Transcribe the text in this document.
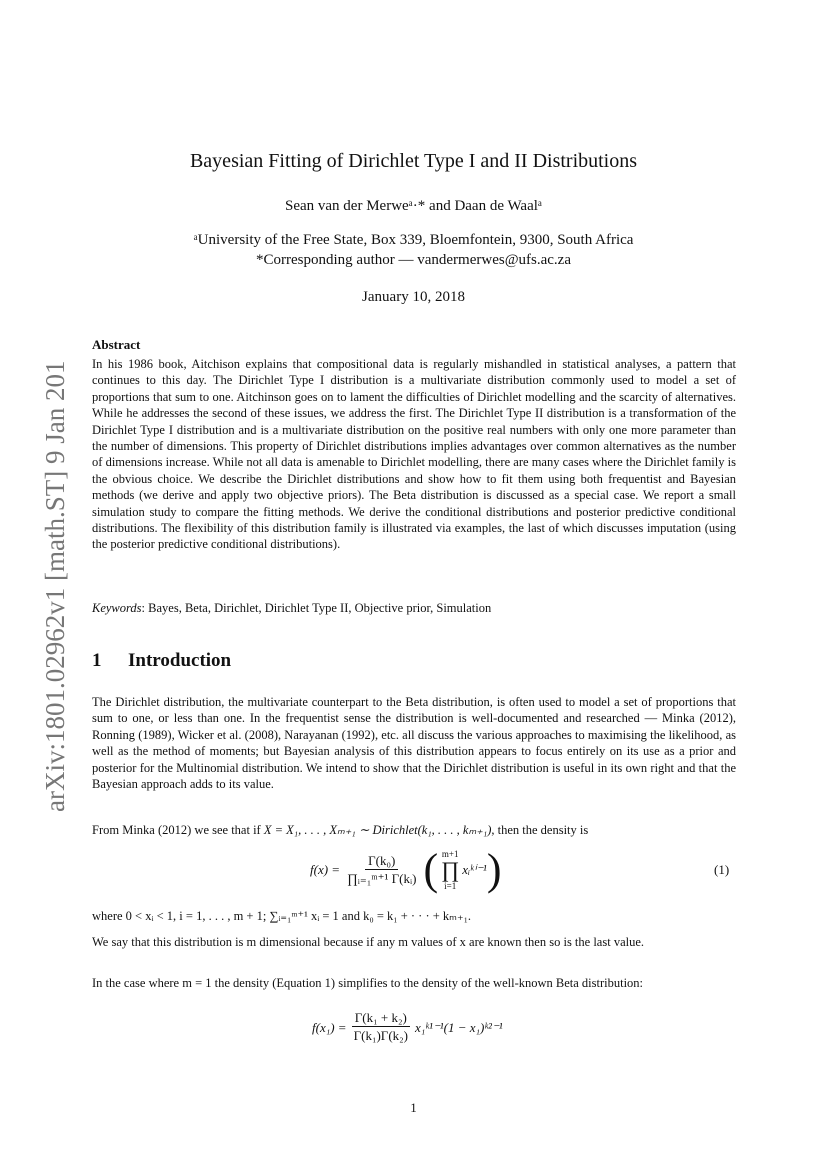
arXiv:1801.02962v1 [math.ST] 9 Jan 2018
Bayesian Fitting of Dirichlet Type I and II Distributions
Sean van der Merweᵃ·* and Daan de Waalᵃ
ᵃUniversity of the Free State, Box 339, Bloemfontein, 9300, South Africa
*Corresponding author — vandermerwes@ufs.ac.za
January 10, 2018
Abstract
In his 1986 book, Aitchison explains that compositional data is regularly mishandled in statistical analyses, a pattern that continues to this day. The Dirichlet Type I distribution is a multivariate distribution commonly used to model a set of proportions that sum to one. Aitchinson goes on to lament the difficulties of Dirichlet modelling and the scarcity of alternatives. While he addresses the second of these issues, we address the first. The Dirichlet Type II distribution is a transformation of the Dirichlet Type I distribution and is a multivariate distribution on the positive real numbers with only one more parameter than the number of dimensions. This property of Dirichlet distributions implies advantages over common alternatives as the number of dimensions increase. While not all data is amenable to Dirichlet modelling, there are many cases where the Dirichlet family is the obvious choice. We describe the Dirichlet distributions and show how to fit them using both frequentist and Bayesian methods (we derive and apply two objective priors). The Beta distribution is discussed as a special case. We report a small simulation study to compare the fitting methods. We derive the conditional distributions and posterior predictive conditional distributions. The flexibility of this distribution family is illustrated via examples, the last of which discusses imputation (using the posterior predictive conditional distributions).
Keywords: Bayes, Beta, Dirichlet, Dirichlet Type II, Objective prior, Simulation
1 Introduction
The Dirichlet distribution, the multivariate counterpart to the Beta distribution, is often used to model a set of proportions that sum to one, or less than one. In the frequentist sense the distribution is well-documented and researched — Minka (2012), Ronning (1989), Wicker et al. (2008), Narayanan (1992), etc. all discuss the various approaches to maximising the likelihood, as well as the method of moments; but Bayesian analysis of this distribution appears to focus entirely on its use as a prior and posterior for the Multinomial distribution. We intend to show that the Dirichlet distribution is useful in its own right and that the Bayesian approach adds to its value.
From Minka (2012) we see that if X = X₁, . . . , Xₘ₊₁ ∼ Dirichlet(k₁, . . . , kₘ₊₁), then the density is
$f(x) = \frac{\text{Γ(k₀)}}{\text{∏ᵢ₌₁ᵐ⁺¹ Γ(kᵢ)}}$ ( m+1
∏
i=1
xᵢᵏⁱ⁻¹ )	(1)
where 0 < xᵢ < 1, i = 1, . . . , m + 1; ∑ᵢ₌₁ᵐ⁺¹ xᵢ = 1 and k₀ = k₁ + · · · + kₘ₊₁.
We say that this distribution is m dimensional because if any m values of x are known then so is the last value.
In the case where m = 1 the density (Equation 1) simplifies to the density of the well-known Beta distribution:
$f(x_1) = \frac{\text{Γ(k₁ + k₂)}}{\text{Γ(k₁)Γ(k₂)}}$ x₁ᵏ¹⁻¹(1 − x₁)ᵏ²⁻¹
1
